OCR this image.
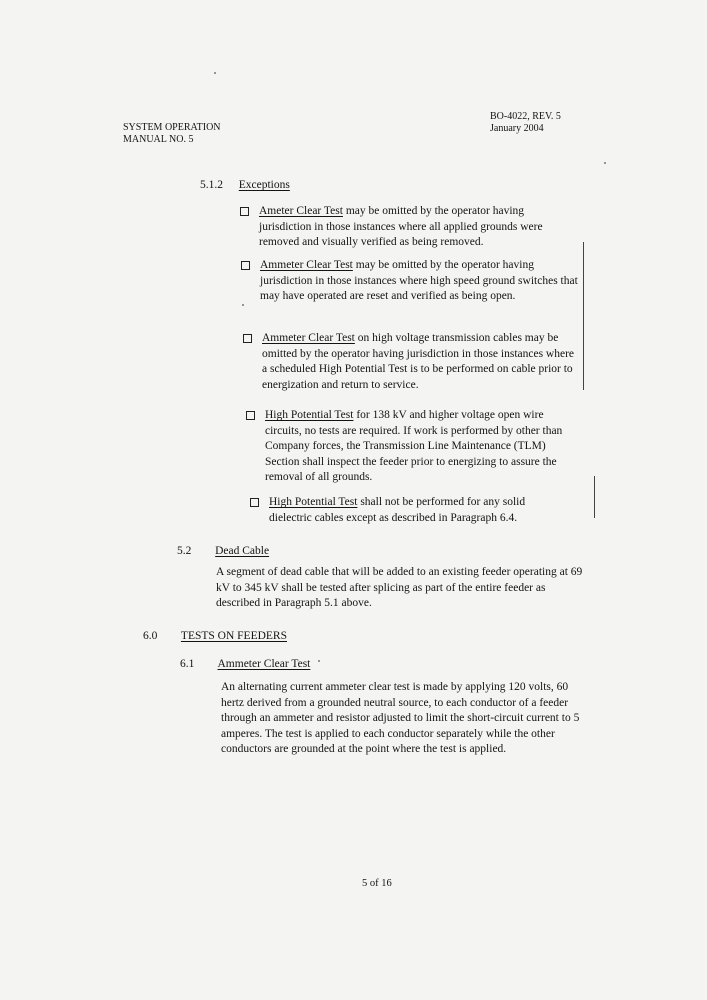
SYSTEM OPERATION
MANUAL NO. 5
BO-4022, REV. 5
January 2004
5.1.2 Exceptions
Ameter Clear Test may be omitted by the operator having jurisdiction in those instances where all applied grounds were removed and visually verified as being removed.
Ammeter Clear Test may be omitted by the operator having jurisdiction in those instances where high speed ground switches that may have operated are reset and verified as being open.
Ammeter Clear Test on high voltage transmission cables may be omitted by the operator having jurisdiction in those instances where a scheduled High Potential Test is to be performed on cable prior to energization and return to service.
High Potential Test for 138 kV and higher voltage open wire circuits, no tests are required. If work is performed by other than Company forces, the Transmission Line Maintenance (TLM) Section shall inspect the feeder prior to energizing to assure the removal of all grounds.
High Potential Test shall not be performed for any solid dielectric cables except as described in Paragraph 6.4.
5.2 Dead Cable
A segment of dead cable that will be added to an existing feeder operating at 69 kV to 345 kV shall be tested after splicing as part of the entire feeder as described in Paragraph 5.1 above.
6.0 TESTS ON FEEDERS
6.1 Ammeter Clear Test
An alternating current ammeter clear test is made by applying 120 volts, 60 hertz derived from a grounded neutral source, to each conductor of a feeder through an ammeter and resistor adjusted to limit the short-circuit current to 5 amperes. The test is applied to each conductor separately while the other conductors are grounded at the point where the test is applied.
5 of 16
